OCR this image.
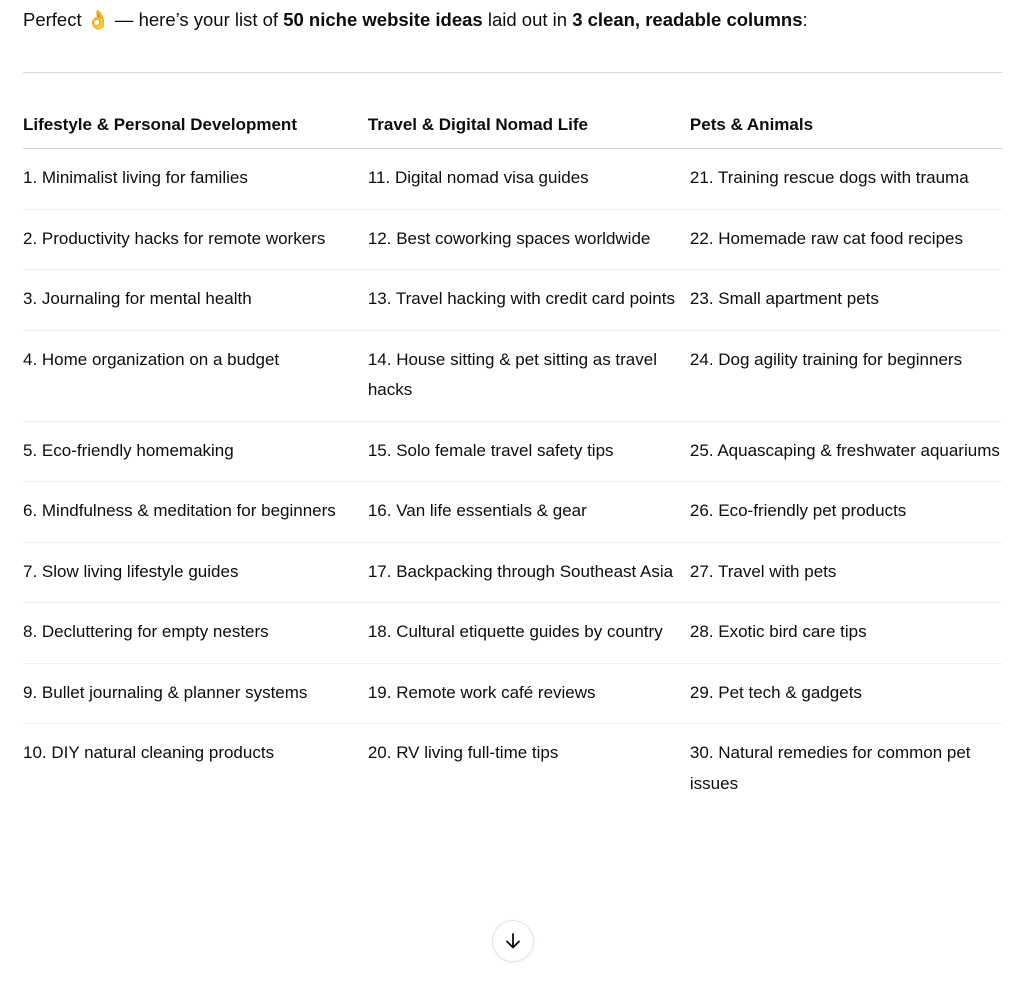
Perfect 👌 — here’s your list of 50 niche website ideas laid out in 3 clean, readable columns:
Lifestyle & Personal Development	Travel & Digital Nomad Life	Pets & Animals
1. Minimalist living for families	11. Digital nomad visa guides	21. Training rescue dogs with trauma
2. Productivity hacks for remote workers	12. Best coworking spaces worldwide	22. Homemade raw cat food recipes
3. Journaling for mental health	13. Travel hacking with credit card points	23. Small apartment pets
4. Home organization on a budget	14. House sitting & pet sitting as travel hacks	24. Dog agility training for beginners
5. Eco-friendly homemaking	15. Solo female travel safety tips	25. Aquascaping & freshwater aquariums
6. Mindfulness & meditation for beginners	16. Van life essentials & gear	26. Eco-friendly pet products
7. Slow living lifestyle guides	17. Backpacking through Southeast Asia	27. Travel with pets
8. Decluttering for empty nesters	18. Cultural etiquette guides by country	28. Exotic bird care tips
9. Bullet journaling & planner systems	19. Remote work café reviews	29. Pet tech & gadgets
10. DIY natural cleaning products	20. RV living full-time tips	30. Natural remedies for common pet issues
